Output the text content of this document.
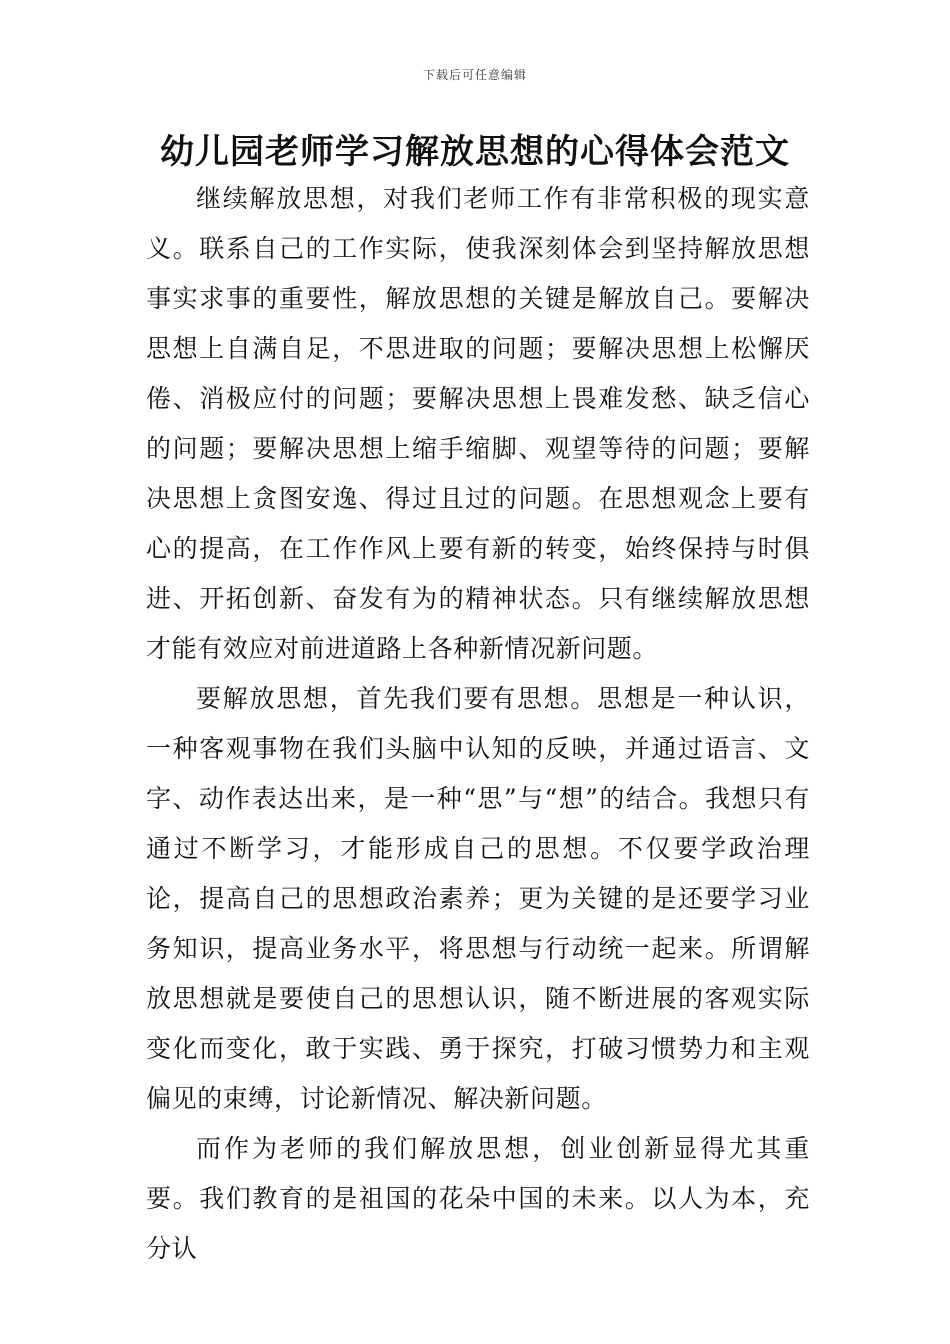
下载后可任意编辑
幼儿园老师学习解放思想的心得体会范文

继续解放思想，对我们老师工作有非常积极的现实意义。联系自己的工作实际，使我深刻体会到坚持解放思想事实求事的重要性，解放思想的关键是解放自己。要解决思想上自满自足，不思进取的问题；要解决思想上松懈厌倦、消极应付的问题；要解决思想上畏难发愁、缺乏信心的问题；要解决思想上缩手缩脚、观望等待的问题；要解决思想上贪图安逸、得过且过的问题。在思想观念上要有心的提高，在工作作风上要有新的转变，始终保持与时俱进、开拓创新、奋发有为的精神状态。只有继续解放思想才能有效应对前进道路上各种新情况新问题。

要解放思想，首先我们要有思想。思想是一种认识，一种客观事物在我们头脑中认知的反映，并通过语言、文字、动作表达出来，是一种“思”与“想”的结合。我想只有通过不断学习，才能形成自己的思想。不仅要学政治理论，提高自己的思想政治素养；更为关键的是还要学习业务知识，提高业务水平，将思想与行动统一起来。所谓解放思想就是要使自己的思想认识，随不断进展的客观实际变化而变化，敢于实践、勇于探究，打破习惯势力和主观偏见的束缚，讨论新情况、解决新问题。

而作为老师的我们解放思想，创业创新显得尤其重要。我们教育的是祖国的花朵中国的未来。以人为本，充分认
